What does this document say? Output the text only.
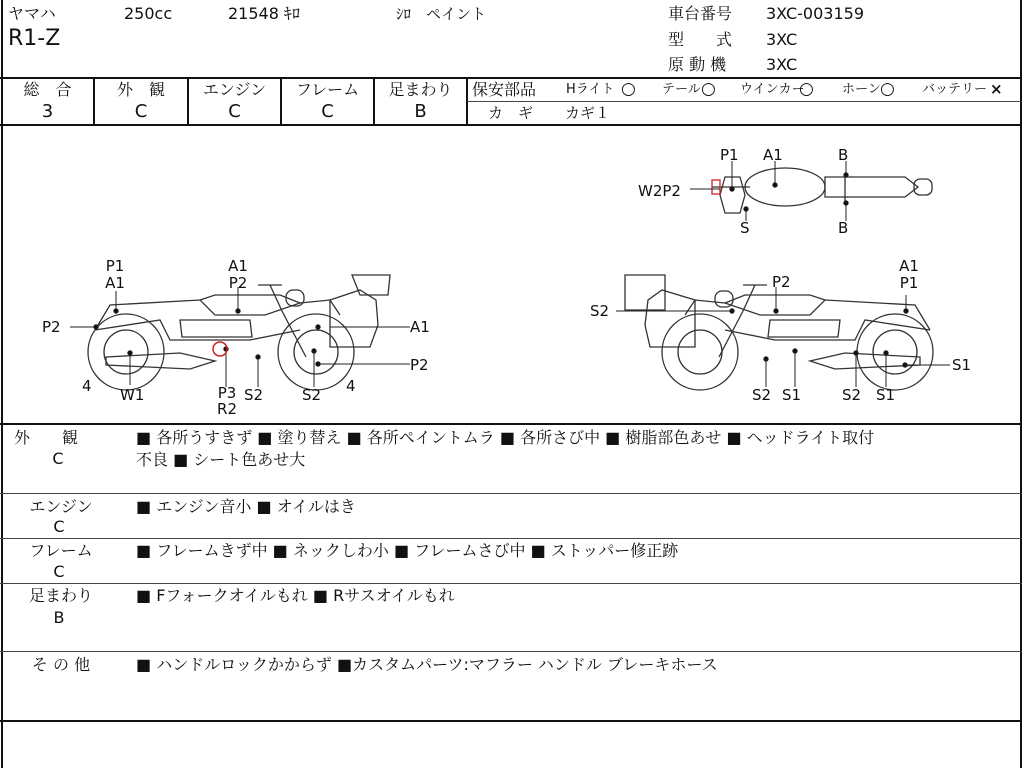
ヤマハ	250cc	21548 ｷﾛ	ｼﾛ　ペイント
R1-Z
車台番号 3XC-003159
型　　式 3XC
原 動 機 3XC
総　合
3
外　観
C
エンジン
C
フレーム
C
足まわり
B
保安部品 Hライト ○ テール ○ ウインカー
○ ホーン ○ バッテリー ×
カ　ギ カギ１
P1
A1
P2
4 W1
A1
P2
P3
R2
S2
A1
P2
S2 4
S2
P2
A1
P1
S1
S2 S1	S2 S1
P1 A1	B
W2P2
S	B
外　　観
C
■ 各所うすきず ■ 塗り替え ■ 各所ペイントムラ ■ 各所さび中 ■ 樹脂部色あせ ■ ヘッドライト取付
不良 ■ シート色あせ大
エンジン
C
■ エンジン音小 ■ オイルはき
フレーム
C
■ フレームきず中 ■ ネックしわ小 ■ フレームさび中 ■ ストッパー修正跡
足まわり
B
■ Fフォークオイルもれ ■ Rサスオイルもれ
そ の 他	■ ハンドルロックかからず ■カスタムパーツ:マフラー ハンドル ブレーキホース
